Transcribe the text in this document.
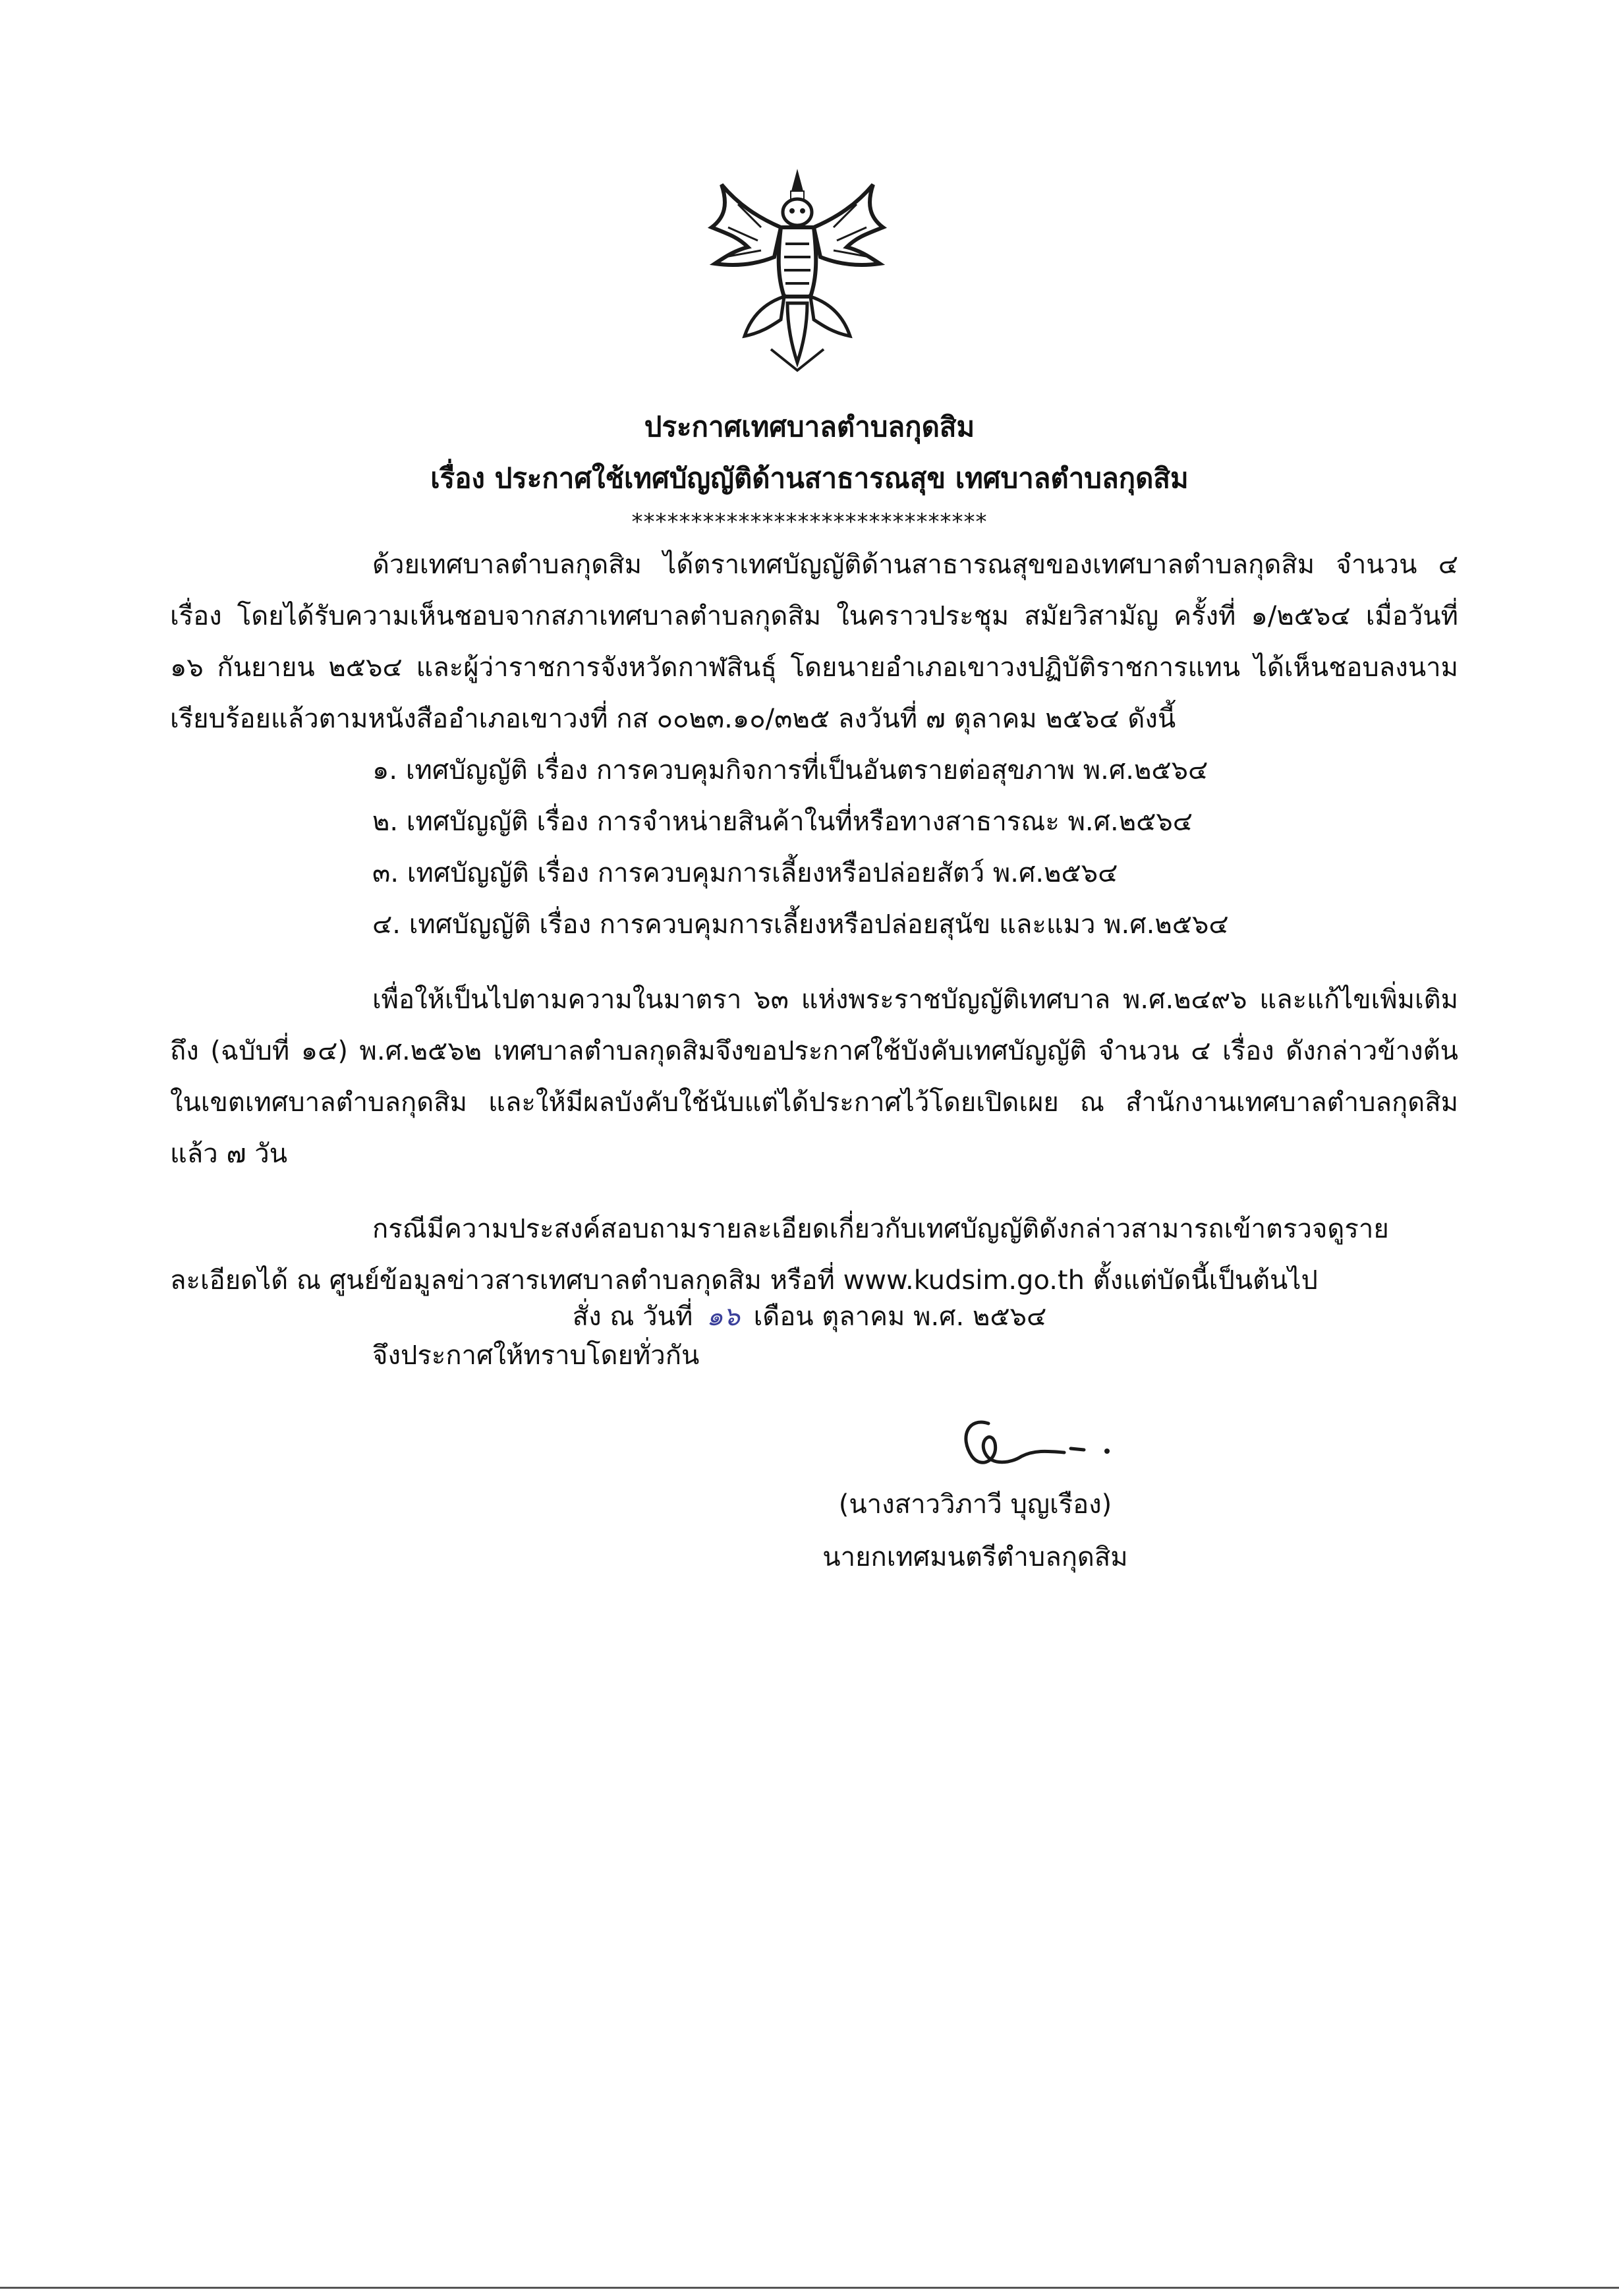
ประกาศเทศบาลตำบลกุดสิม
เรื่อง ประกาศใช้เทศบัญญัติด้านสาธารณสุข เทศบาลตำบลกุดสิม
******************************

ด้วยเทศบาลตำบลกุดสิม ได้ตราเทศบัญญัติด้านสาธารณสุขของเทศบาลตำบลกุดสิม จำนวน ๔ เรื่อง โดยได้รับความเห็นชอบจากสภาเทศบาลตำบลกุดสิม ในคราวประชุม สมัยวิสามัญ ครั้งที่ ๑/๒๕๖๔ เมื่อวันที่ ๑๖ กันยายน ๒๕๖๔ และผู้ว่าราชการจังหวัดกาฬสินธุ์ โดยนายอำเภอเขาวงปฏิบัติราชการแทน ได้เห็นชอบลงนามเรียบร้อยแล้วตามหนังสืออำเภอเขาวงที่ กส ๐๐๒๓.๑๐/๓๒๕ ลงวันที่ ๗ ตุลาคม ๒๕๖๔ ดังนี้

๑. เทศบัญญัติ เรื่อง การควบคุมกิจการที่เป็นอันตรายต่อสุขภาพ พ.ศ.๒๕๖๔

๒. เทศบัญญัติ เรื่อง การจำหน่ายสินค้าในที่หรือทางสาธารณะ พ.ศ.๒๕๖๔

๓. เทศบัญญัติ เรื่อง การควบคุมการเลี้ยงหรือปล่อยสัตว์ พ.ศ.๒๕๖๔

๔. เทศบัญญัติ เรื่อง การควบคุมการเลี้ยงหรือปล่อยสุนัข และแมว พ.ศ.๒๕๖๔

เพื่อให้เป็นไปตามความในมาตรา ๖๓ แห่งพระราชบัญญัติเทศบาล พ.ศ.๒๔๙๖ และแก้ไขเพิ่มเติมถึง (ฉบับที่ ๑๔) พ.ศ.๒๕๖๒ เทศบาลตำบลกุดสิมจึงขอประกาศใช้บังคับเทศบัญญัติ จำนวน ๔ เรื่อง ดังกล่าวข้างต้นในเขตเทศบาลตำบลกุดสิม และให้มีผลบังคับใช้นับแต่ได้ประกาศไว้โดยเปิดเผย ณ สำนักงานเทศบาลตำบลกุดสิม แล้ว ๗ วัน

กรณีมีความประสงค์สอบถามรายละเอียดเกี่ยวกับเทศบัญญัติดังกล่าวสามารถเข้าตรวจดูรายละเอียดได้ ณ ศูนย์ข้อมูลข่าวสารเทศบาลตำบลกุดสิม หรือที่ www.kudsim.go.th ตั้งแต่บัดนี้เป็นต้นไป

จึงประกาศให้ทราบโดยทั่วกัน

สั่ง ณ วันที่ ๑๖ เดือน ตุลาคม พ.ศ. ๒๕๖๔
(นางสาววิภาวี บุญเรือง)
นายกเทศมนตรีตำบลกุดสิม
